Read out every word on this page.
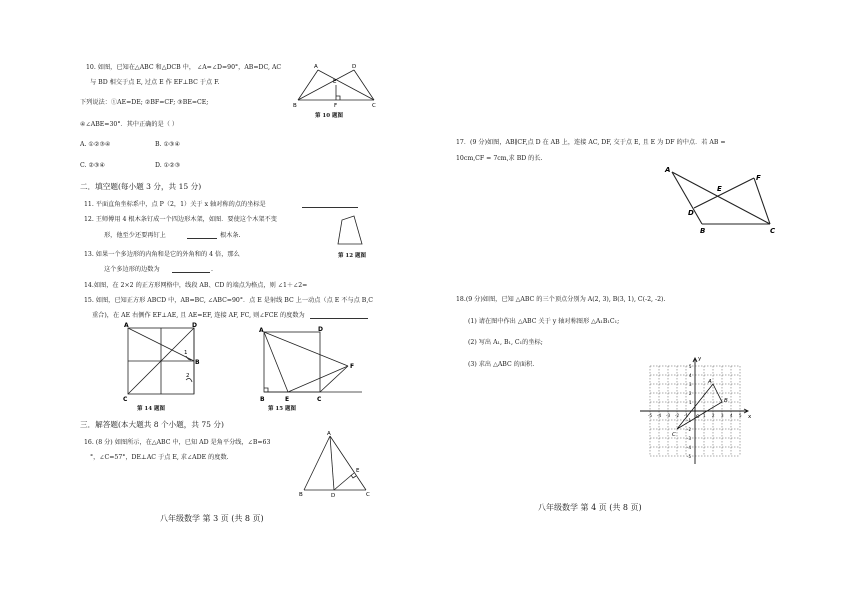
10. 如图，已知在△ABC 和△DCB 中， ∠A=∠D=90°，AB=DC, AC
与 BD 相交于点 E, 过点 E 作 EF⊥BC 于点 F.
下列说法：①AE=DE; ②BF=CF; ③BE=CE;
④∠ABE=30°．其中正确的是（ ）
A. ①②③④	B. ①③④
C. ②③④	D. ①②③
A	D
E
B	F	C
第 10 题图
二．填空题(每小题 3 分，共 15 分)
11. 平面直角坐标系中，点 P（2，1）关于 x 轴对称的点的坐标是
12. 王师傅用 4 根木条钉成一个四边形木架，如图．要使这个木架不变
形，他至少还要再钉上	根木条.
第 12 题图
13. 如果一个多边形的内角和是它的外角和的 4 倍，那么
这个多边形的边数为	.
14.如图，在 2×2 的正方形网格中，线段 AB、CD 的端点为格点，则 ∠1＋∠2=
15. 如图，已知正方形 ABCD 中，AB=BC, ∠ABC=90°．点 E 是射线 BC 上一动点（点 E 不与点 B,C
重合)，在 AE 右侧作 EF⊥AE, 且 AE=EF, 连接 AF, FC, 则∠FCE 的度数为
A	D
C
B
1
2
第 14 题图
A	D
F
B	E	C
第 15 题图
三．解答题(本大题共 8 个小题，共 75 分)
16. (8 分) 如图所示，在△ABC 中，已知 AD 是角平分线，∠B=63
°，∠C=57°，DE⊥AC 于点 E, 求∠ADE 的度数.
A
E
B	D	C
八年级数学 第 3 页 (共 8 页)
17．(9 分)如图，AB∥CF,点 D 在 AB 上，连接 AC, DF, 交于点 E, 且 E 为 DF 的中点．若 AB =
10cm,CF = 7cm,求 BD 的长.
A
E
F
D
B	C
18.(9 分)如图，已知 △ABC 的三个顶点分别为 A(2, 3), B(3, 1), C(-2, -2).
(1) 请在图中作出 △ABC 关于 y 轴对称图形 △A₁B₁C₁;
(2) 写出 A₁, B₁, C₁的坐标;
(3) 求出 △ABC 的面积.
x
y
O
-5 -4 -3 -2 -1	1 2 3 4 5
5
4
3
2
1
-1
-2
-3
-4
-5
A
B
C
八年级数学 第 4 页 (共 8 页)
